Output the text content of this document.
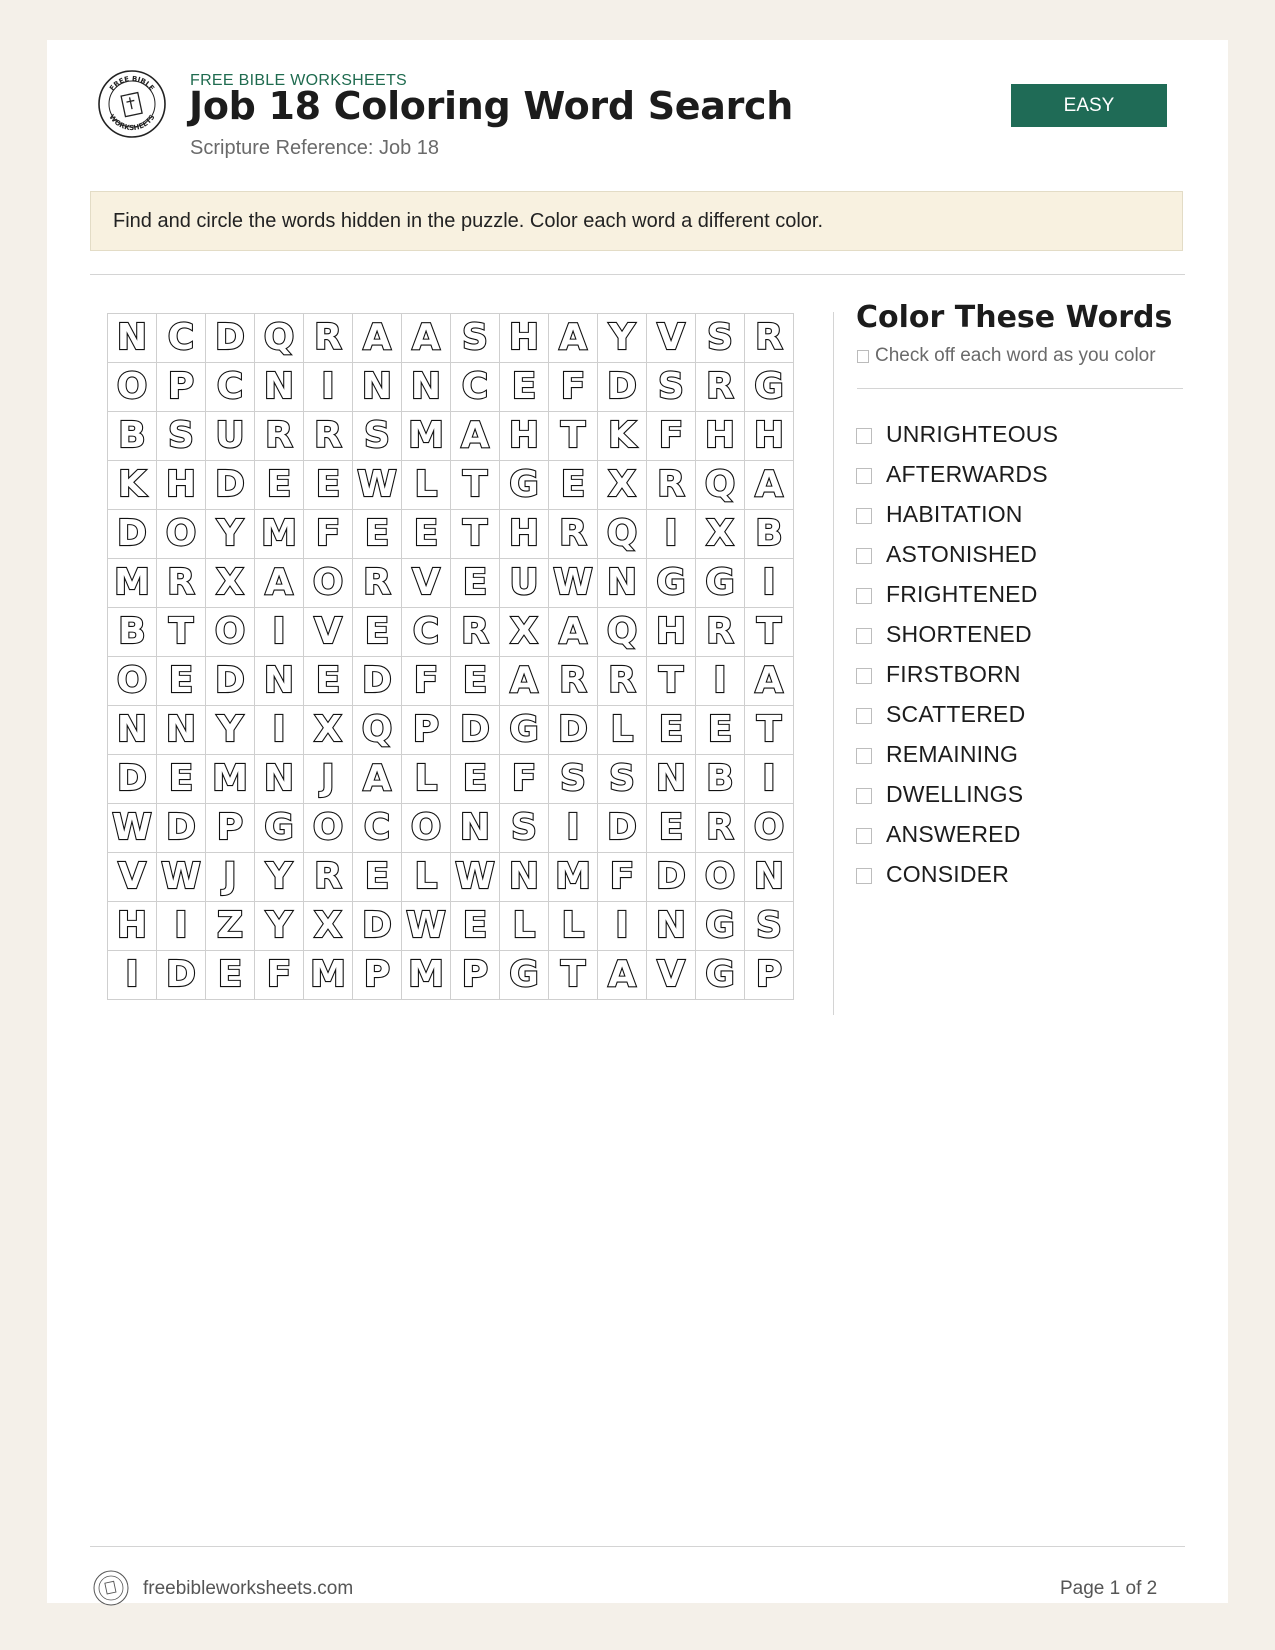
FREE BIBLE
WORKSHEETS
FREE BIBLE WORKSHEETS
Job 18 Coloring Word Search
Scripture Reference: Job 18
EASY
Find and circle the words hidden in the puzzle. Color each word a different color.
N	C	D	Q	R	A	A	S	H	A	Y	V	S	R
O	P	C	N	I	N	N	C	E	F	D	S	R	G
B	S	U	R	R	S	M	A	H	T	K	F	H	H
K	H	D	E	E	W	L	T	G	E	X	R	Q	A
D	O	Y	M	F	E	E	T	H	R	Q	I	X	B
M	R	X	A	O	R	V	E	U	W	N	G	G	I
B	T	O	I	V	E	C	R	X	A	Q	H	R	T
O	E	D	N	E	D	F	E	A	R	R	T	I	A
N	N	Y	I	X	Q	P	D	G	D	L	E	E	T
D	E	M	N	J	A	L	E	F	S	S	N	B	I
W	D	P	G	O	C	O	N	S	I	D	E	R	O
V	W	J	Y	R	E	L	W	N	M	F	D	O	N
H	I	Z	Y	X	D	W	E	L	L	I	N	G	S
I	D	E	F	M	P	M	P	G	T	A	V	G	P
Color These Words
Check off each word as you color
UNRIGHTEOUS
AFTERWARDS
HABITATION
ASTONISHED
FRIGHTENED
SHORTENED
FIRSTBORN
SCATTERED
REMAINING
DWELLINGS
ANSWERED
CONSIDER
freebibleworksheets.com	Page 1 of 2
